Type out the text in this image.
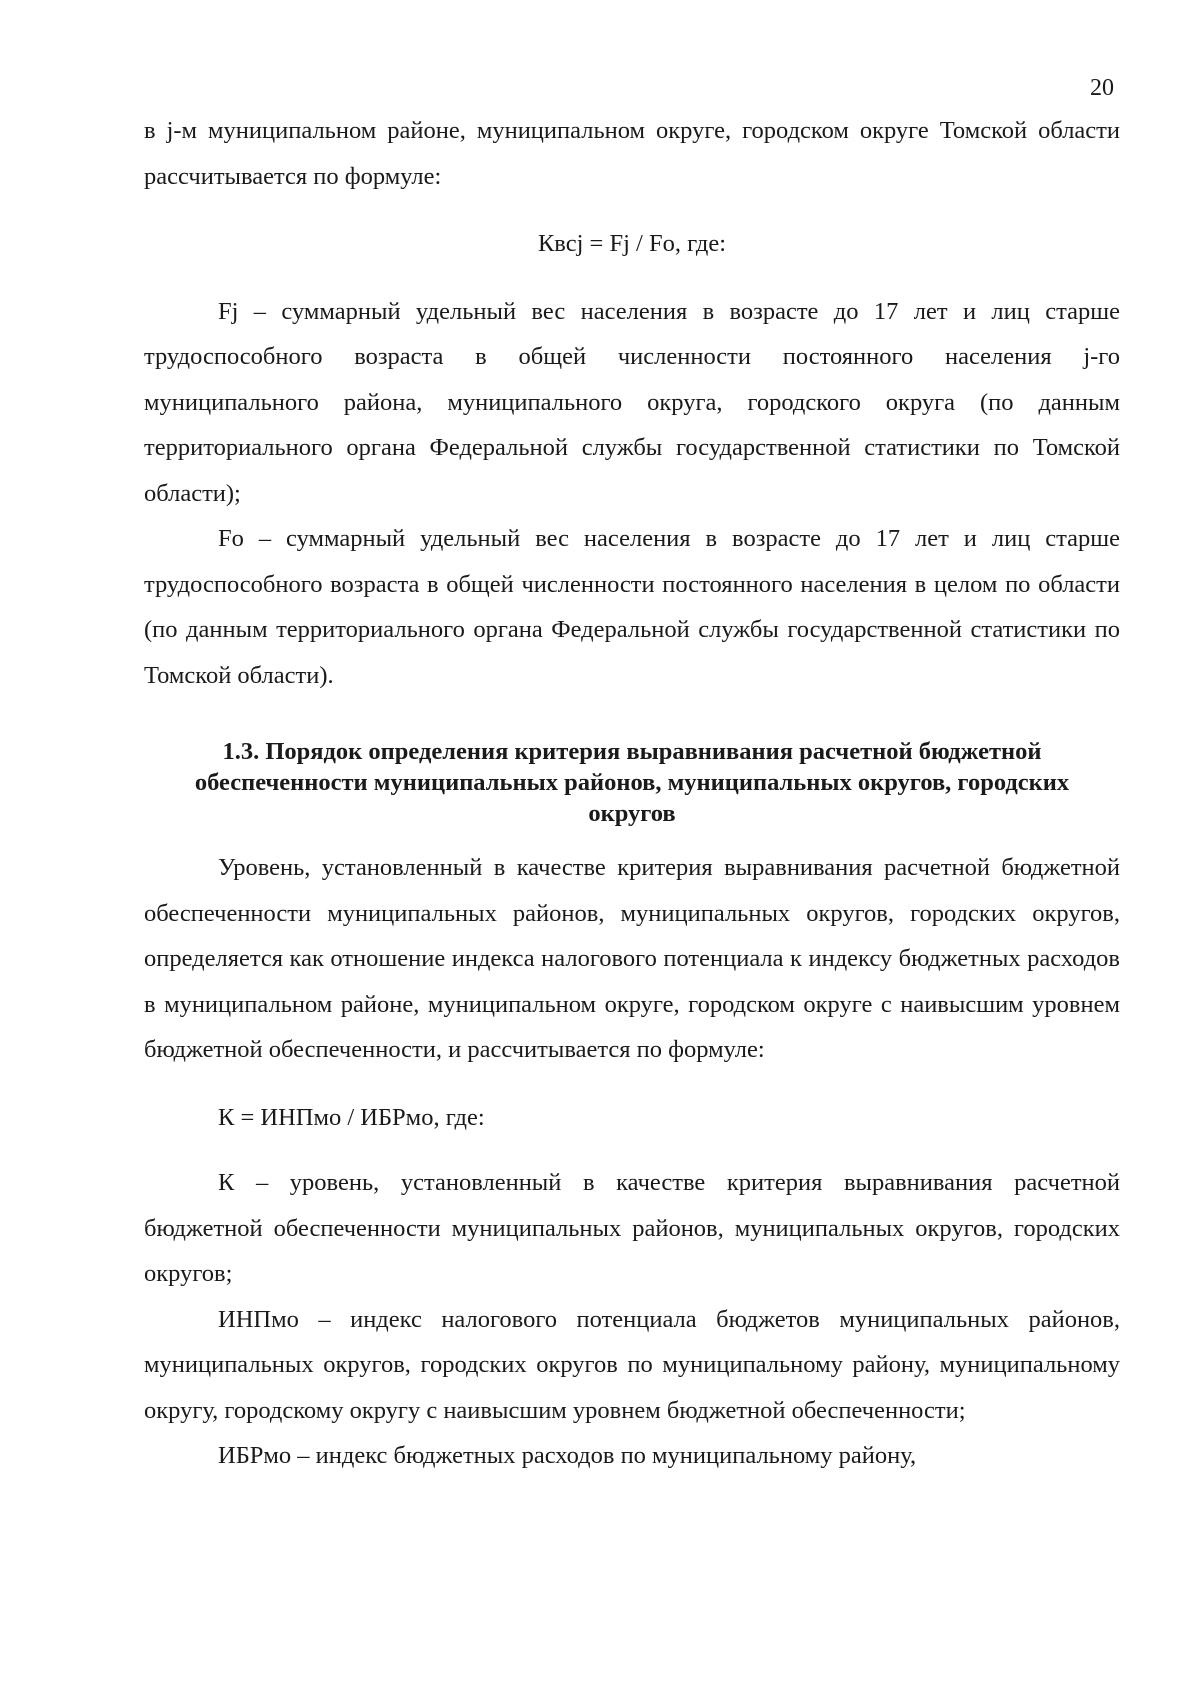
20

в j-м муниципальном районе, муниципальном округе, городском округе Томской области рассчитывается по формуле:

Квсj = Fj / Fo, где:

Fj – суммарный удельный вес населения в возрасте до 17 лет и лиц старше трудоспособного возраста в общей численности постоянного населения j-го муниципального района, муниципального округа, городского округа (по данным территориального органа Федеральной службы государственной статистики по Томской области);

Fo – суммарный удельный вес населения в возрасте до 17 лет и лиц старше трудоспособного возраста в общей численности постоянного населения в целом по области (по данным территориального органа Федеральной службы государственной статистики по Томской области).

1.3. Порядок определения критерия выравнивания расчетной бюджетной обеспеченности муниципальных районов, муниципальных округов, городских округов

Уровень, установленный в качестве критерия выравнивания расчетной бюджетной обеспеченности муниципальных районов, муниципальных округов, городских округов, определяется как отношение индекса налогового потенциала к индексу бюджетных расходов в муниципальном районе, муниципальном округе, городском округе с наивысшим уровнем бюджетной обеспеченности, и рассчитывается по формуле:

К = ИНПмо / ИБРмо, где:

К – уровень, установленный в качестве критерия выравнивания расчетной бюджетной обеспеченности муниципальных районов, муниципальных округов, городских округов;

ИНПмо – индекс налогового потенциала бюджетов муниципальных районов, муниципальных округов, городских округов по муниципальному району, муниципальному округу, городскому округу с наивысшим уровнем бюджетной обеспеченности;

ИБРмо – индекс бюджетных расходов по муниципальному району,
